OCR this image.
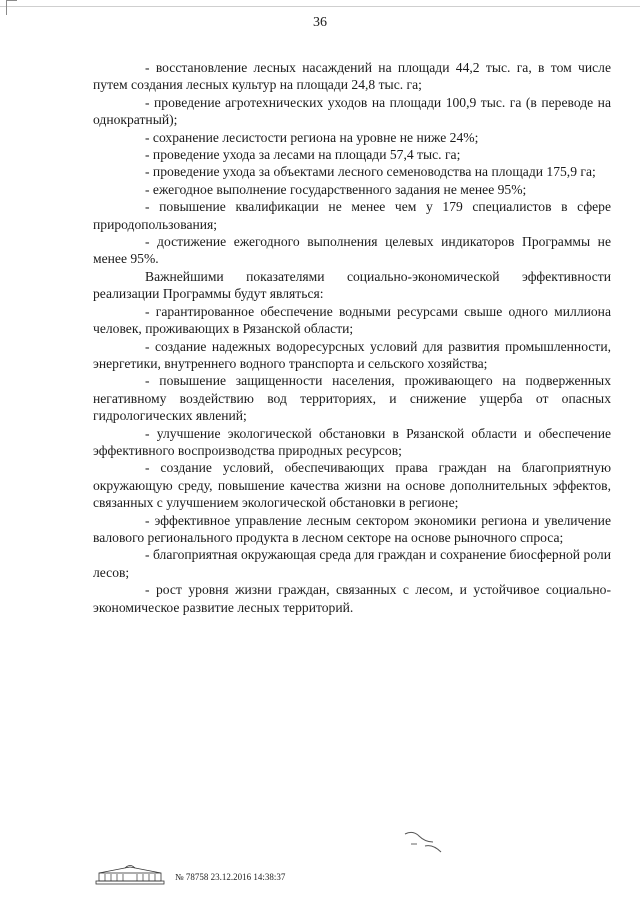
36

- восстановление лесных насаждений на площади 44,2 тыс. га, в том числе путем создания лесных культур на площади 24,8 тыс. га;

- проведение агротехнических уходов на площади 100,9 тыс. га (в переводе на однократный);

- сохранение лесистости региона на уровне не ниже 24%;

- проведение ухода за лесами на площади 57,4 тыс. га;

- проведение ухода за объектами лесного семеноводства на площади 175,9 га;

- ежегодное выполнение государственного задания не менее 95%;

- повышение квалификации не менее чем у 179 специалистов в сфере природопользования;

- достижение ежегодного выполнения целевых индикаторов Программы не менее 95%.

Важнейшими показателями социально-экономической эффективности реализации Программы будут являться:

- гарантированное обеспечение водными ресурсами свыше одного миллиона человек, проживающих в Рязанской области;

- создание надежных водоресурсных условий для развития промышленности, энергетики, внутреннего водного транспорта и сельского хозяйства;

- повышение защищенности населения, проживающего на подверженных негативному воздействию вод территориях, и снижение ущерба от опасных гидрологических явлений;

- улучшение экологической обстановки в Рязанской области и обеспечение эффективного воспроизводства природных ресурсов;

- создание условий, обеспечивающих права граждан на благоприятную окружающую среду, повышение качества жизни на основе дополнительных эффектов, связанных с улучшением экологической обстановки в регионе;

- эффективное управление лесным сектором экономики региона и увеличение валового регионального продукта в лесном секторе на основе рыночного спроса;

- благоприятная окружающая среда для граждан и сохранение биосферной роли лесов;

- рост уровня жизни граждан, связанных с лесом, и устойчивое социально-экономическое развитие лесных территорий.

№ 78758 23.12.2016 14:38:37
